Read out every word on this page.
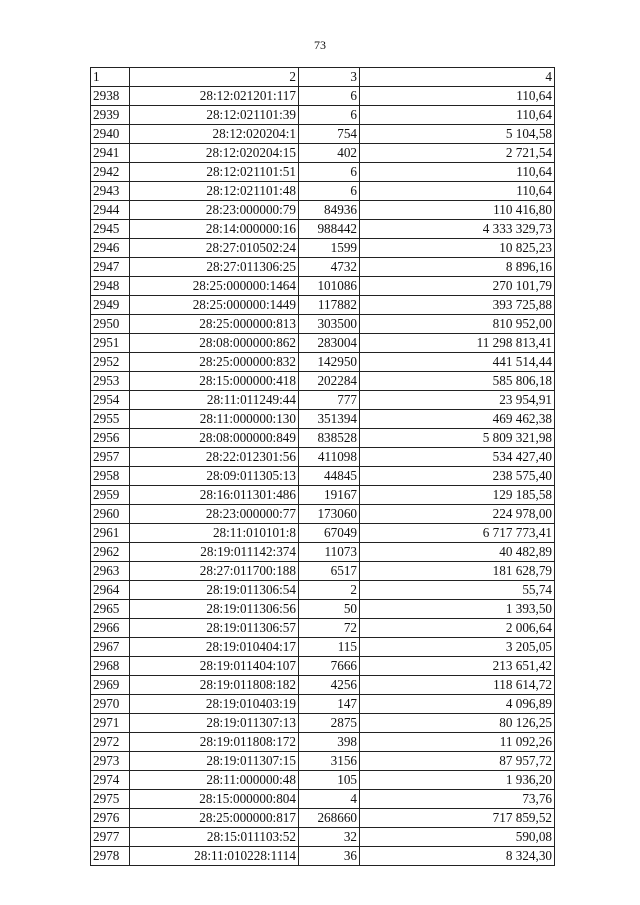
73
1	2	3	4
2938	28:12:021201:117	6	110,64
2939	28:12:021101:39	6	110,64
2940	28:12:020204:1	754	5 104,58
2941	28:12:020204:15	402	2 721,54
2942	28:12:021101:51	6	110,64
2943	28:12:021101:48	6	110,64
2944	28:23:000000:79	84936	110 416,80
2945	28:14:000000:16	988442	4 333 329,73
2946	28:27:010502:24	1599	10 825,23
2947	28:27:011306:25	4732	8 896,16
2948	28:25:000000:1464	101086	270 101,79
2949	28:25:000000:1449	117882	393 725,88
2950	28:25:000000:813	303500	810 952,00
2951	28:08:000000:862	283004	11 298 813,41
2952	28:25:000000:832	142950	441 514,44
2953	28:15:000000:418	202284	585 806,18
2954	28:11:011249:44	777	23 954,91
2955	28:11:000000:130	351394	469 462,38
2956	28:08:000000:849	838528	5 809 321,98
2957	28:22:012301:56	411098	534 427,40
2958	28:09:011305:13	44845	238 575,40
2959	28:16:011301:486	19167	129 185,58
2960	28:23:000000:77	173060	224 978,00
2961	28:11:010101:8	67049	6 717 773,41
2962	28:19:011142:374	11073	40 482,89
2963	28:27:011700:188	6517	181 628,79
2964	28:19:011306:54	2	55,74
2965	28:19:011306:56	50	1 393,50
2966	28:19:011306:57	72	2 006,64
2967	28:19:010404:17	115	3 205,05
2968	28:19:011404:107	7666	213 651,42
2969	28:19:011808:182	4256	118 614,72
2970	28:19:010403:19	147	4 096,89
2971	28:19:011307:13	2875	80 126,25
2972	28:19:011808:172	398	11 092,26
2973	28:19:011307:15	3156	87 957,72
2974	28:11:000000:48	105	1 936,20
2975	28:15:000000:804	4	73,76
2976	28:25:000000:817	268660	717 859,52
2977	28:15:011103:52	32	590,08
2978	28:11:010228:1114	36	8 324,30
